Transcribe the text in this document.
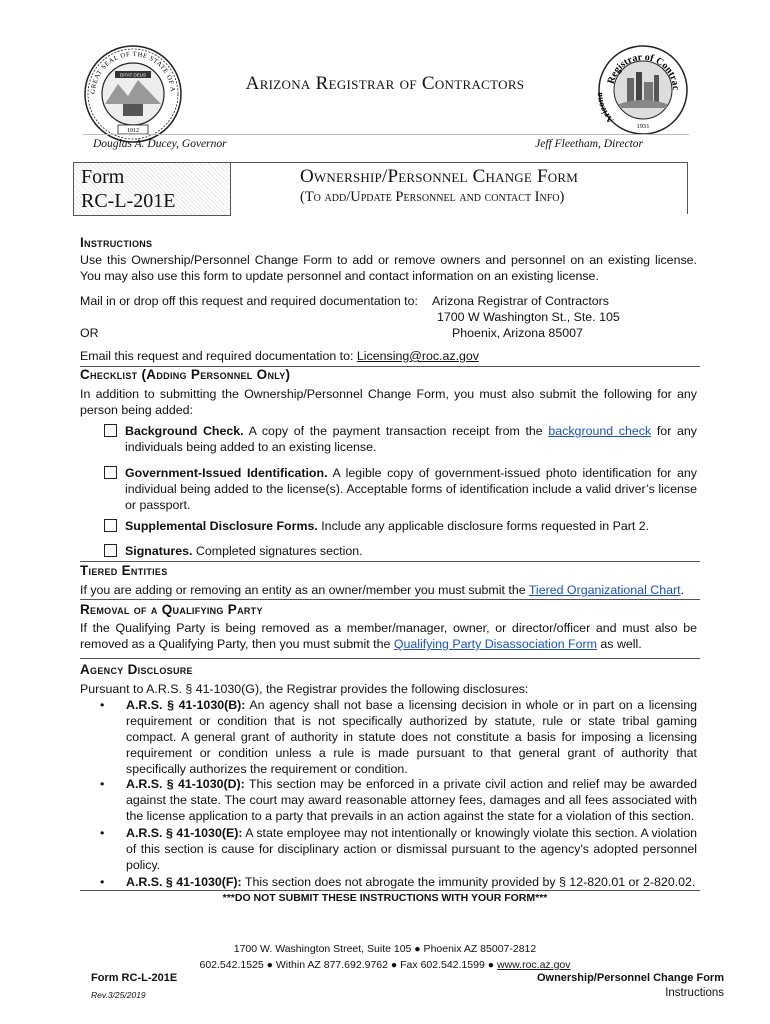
DITAT DEUS
1912
GREAT SEAL OF THE STATE OF A
Registrar of Contrac
Ariz
1931
Arizona Registrar of Contractors
Douglas A. Ducey, Governor	Jeff Fleetham, Director
Form
RC-L-201E
Ownership/Personnel Change Form
(To add/Update Personnel and contact Info)
Instructions
Use this Ownership/Personnel Change Form to add or remove owners and personnel on an existing license. You may also use this form to update personnel and contact information on an existing license.
Mail in or drop off this request and required documentation to: Arizona Registrar of Contractors
1700 W Washington St., Ste. 105
Phoenix, Arizona 85007
OR
Email this request and required documentation to: Licensing@roc.az.gov
Checklist (Adding Personnel Only)
In addition to submitting the Ownership/Personnel Change Form, you must also submit the following for any person being added:
Background Check. A copy of the payment transaction receipt from the background check for any individuals being added to an existing license.
Government-Issued Identification. A legible copy of government-issued photo identification for any individual being added to the license(s). Acceptable forms of identification include a valid driver’s license or passport.
Supplemental Disclosure Forms. Include any applicable disclosure forms requested in Part 2.
Signatures. Completed signatures section.
Tiered Entities
If you are adding or removing an entity as an owner/member you must submit the Tiered Organizational Chart.
Removal of a Qualifying Party
If the Qualifying Party is being removed as a member/manager, owner, or director/officer and must also be removed as a Qualifying Party, then you must submit the Qualifying Party Disassociation Form as well.
Agency Disclosure
Pursuant to A.R.S. § 41-1030(G), the Registrar provides the following disclosures:
• A.R.S. § 41-1030(B): An agency shall not base a licensing decision in whole or in part on a licensing requirement or condition that is not specifically authorized by statute, rule or state tribal gaming compact. A general grant of authority in statute does not constitute a basis for imposing a licensing requirement or condition unless a rule is made pursuant to that general grant of authority that specifically authorizes the requirement or condition.
• A.R.S. § 41-1030(D): This section may be enforced in a private civil action and relief may be awarded against the state. The court may award reasonable attorney fees, damages and all fees associated with the license application to a party that prevails in an action against the state for a violation of this section.
• A.R.S. § 41-1030(E): A state employee may not intentionally or knowingly violate this section. A violation of this section is cause for disciplinary action or dismissal pursuant to the agency's adopted personnel policy.
• A.R.S. § 41-1030(F): This section does not abrogate the immunity provided by § 12-820.01 or 2-820.02.
***DO NOT SUBMIT THESE INSTRUCTIONS WITH YOUR FORM***
1700 W. Washington Street, Suite 105 ● Phoenix AZ 85007-2812
602.542.1525 ● Within AZ 877.692.9762 ● Fax 602.542.1599 ● www.roc.az.gov
Form RC-L-201E
Rev.3/25/2019
Ownership/Personnel Change Form
Instructions
